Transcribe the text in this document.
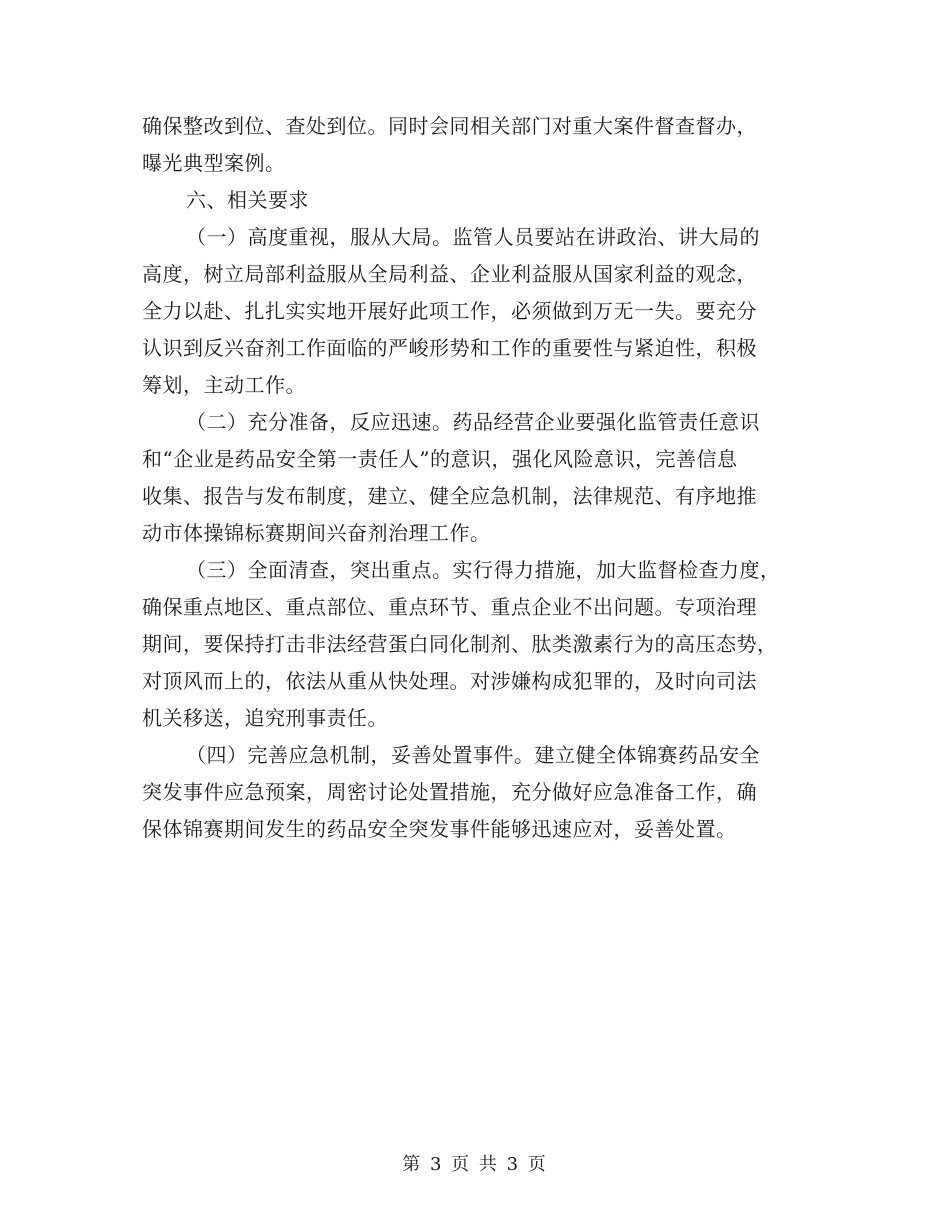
确保整改到位、查处到位。同时会同相关部门对重大案件督查督办，
曝光典型案例。
六、相关要求
（一）高度重视，服从大局。监管人员要站在讲政治、讲大局的
高度，树立局部利益服从全局利益、企业利益服从国家利益的观念，
全力以赴、扎扎实实地开展好此项工作，必须做到万无一失。要充分
认识到反兴奋剂工作面临的严峻形势和工作的重要性与紧迫性，积极
筹划，主动工作。
（二）充分准备，反应迅速。药品经营企业要强化监管责任意识
和“企业是药品安全第一责任人”的意识，强化风险意识，完善信息
收集、报告与发布制度，建立、健全应急机制，法律规范、有序地推
动市体操锦标赛期间兴奋剂治理工作。
（三）全面清查，突出重点。实行得力措施，加大监督检查力度，
确保重点地区、重点部位、重点环节、重点企业不出问题。专项治理
期间，要保持打击非法经营蛋白同化制剂、肽类激素行为的高压态势，
对顶风而上的，依法从重从快处理。对涉嫌构成犯罪的，及时向司法
机关移送，追究刑事责任。
（四）完善应急机制，妥善处置事件。建立健全体锦赛药品安全
突发事件应急预案，周密讨论处置措施，充分做好应急准备工作，确
保体锦赛期间发生的药品安全突发事件能够迅速应对，妥善处置。
第 3 页 共 3 页
